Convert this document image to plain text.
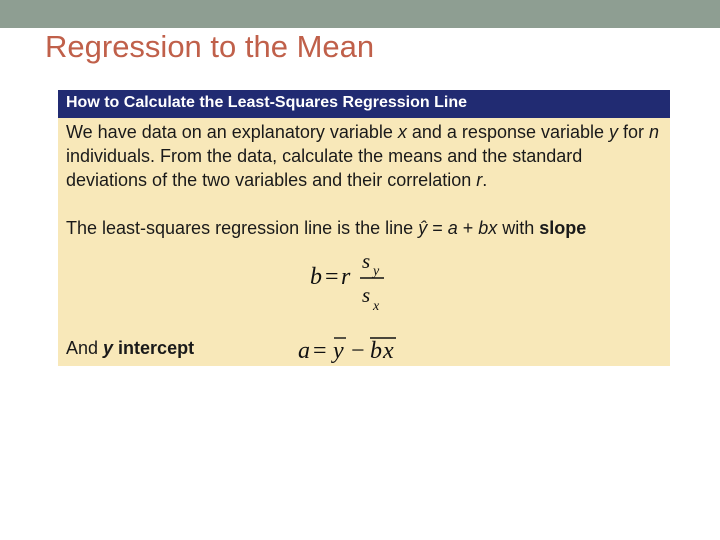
Regression to the Mean
How to Calculate the Least-Squares Regression Line
We have data on an explanatory variable x and a response variable y for n individuals. From the data, calculate the means and the standard deviations of the two variables and their correlation r.
The least-squares regression line is the line ŷ = a + bx with slope
b = r
s y
s x
And y intercept	a = y − b x
